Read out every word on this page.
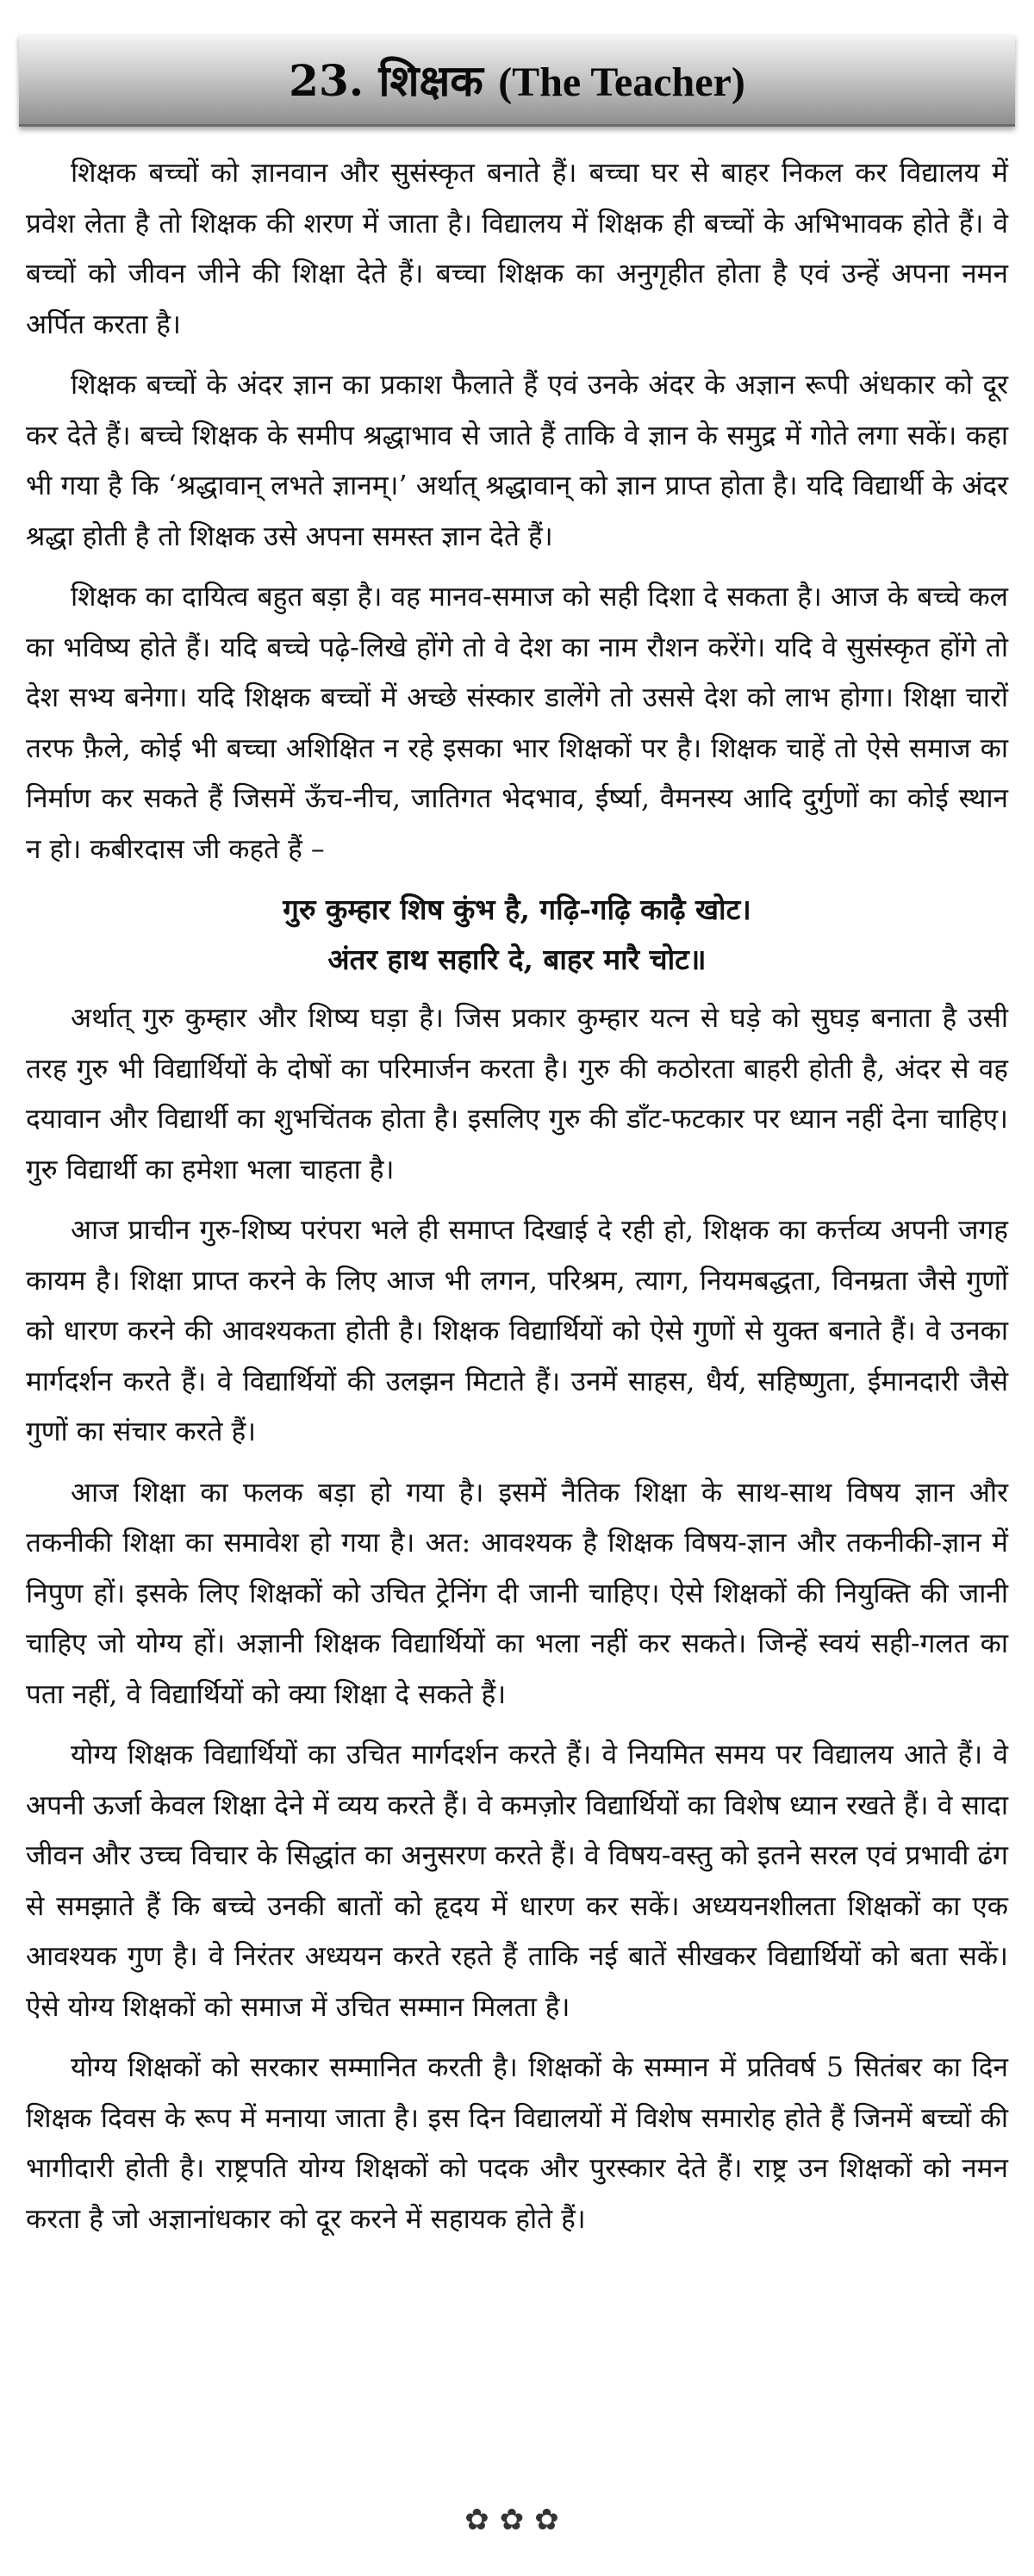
23. शिक्षक (The Teacher)

शिक्षक बच्चों को ज्ञानवान और सुसंस्कृत बनाते हैं। बच्चा घर से बाहर निकल कर विद्यालय में प्रवेश लेता है तो शिक्षक की शरण में जाता है। विद्यालय में शिक्षक ही बच्चों के अभिभावक होते हैं। वे बच्चों को जीवन जीने की शिक्षा देते हैं। बच्चा शिक्षक का अनुगृहीत होता है एवं उन्हें अपना नमन अर्पित करता है।

शिक्षक बच्चों के अंदर ज्ञान का प्रकाश फैलाते हैं एवं उनके अंदर के अज्ञान रूपी अंधकार को दूर कर देते हैं। बच्चे शिक्षक के समीप श्रद्धाभाव से जाते हैं ताकि वे ज्ञान के समुद्र में गोते लगा सकें। कहा भी गया है कि ‘श्रद्धावान् लभते ज्ञानम्।’ अर्थात् श्रद्धावान् को ज्ञान प्राप्त होता है। यदि विद्यार्थी के अंदर श्रद्धा होती है तो शिक्षक उसे अपना समस्त ज्ञान देते हैं।

शिक्षक का दायित्व बहुत बड़ा है। वह मानव-समाज को सही दिशा दे सकता है। आज के बच्चे कल का भविष्य होते हैं। यदि बच्चे पढ़े-लिखे होंगे तो वे देश का नाम रौशन करेंगे। यदि वे सुसंस्कृत होंगे तो देश सभ्य बनेगा। यदि शिक्षक बच्चों में अच्छे संस्कार डालेंगे तो उससे देश को लाभ होगा। शिक्षा चारों तरफ फ़ैले, कोई भी बच्चा अशिक्षित न रहे इसका भार शिक्षकों पर है। शिक्षक चाहें तो ऐसे समाज का निर्माण कर सकते हैं जिसमें ऊँच-नीच, जातिगत भेदभाव, ईर्ष्या, वैमनस्य आदि दुर्गुणों का कोई स्थान न हो। कबीरदास जी कहते हैं –

गुरु कुम्हार शिष कुंभ है, गढ़ि-गढ़ि काढ़ै खोट।
अंतर हाथ सहारि दे, बाहर मारै चोट॥

अर्थात् गुरु कुम्हार और शिष्य घड़ा है। जिस प्रकार कुम्हार यत्न से घड़े को सुघड़ बनाता है उसी तरह गुरु भी विद्यार्थियों के दोषों का परिमार्जन करता है। गुरु की कठोरता बाहरी होती है, अंदर से वह दयावान और विद्यार्थी का शुभचिंतक होता है। इसलिए गुरु की डाँट-फटकार पर ध्यान नहीं देना चाहिए। गुरु विद्यार्थी का हमेशा भला चाहता है।

आज प्राचीन गुरु-शिष्य परंपरा भले ही समाप्त दिखाई दे रही हो, शिक्षक का कर्त्तव्य अपनी जगह कायम है। शिक्षा प्राप्त करने के लिए आज भी लगन, परिश्रम, त्याग, नियमबद्धता, विनम्रता जैसे गुणों को धारण करने की आवश्यकता होती है। शिक्षक विद्यार्थियों को ऐसे गुणों से युक्त बनाते हैं। वे उनका मार्गदर्शन करते हैं। वे विद्यार्थियों की उलझन मिटाते हैं। उनमें साहस, धैर्य, सहिष्णुता, ईमानदारी जैसे गुणों का संचार करते हैं।

आज शिक्षा का फलक बड़ा हो गया है। इसमें नैतिक शिक्षा के साथ-साथ विषय ज्ञान और तकनीकी शिक्षा का समावेश हो गया है। अत: आवश्यक है शिक्षक विषय-ज्ञान और तकनीकी-ज्ञान में निपुण हों। इसके लिए शिक्षकों को उचित ट्रेनिंग दी जानी चाहिए। ऐसे शिक्षकों की नियुक्ति की जानी चाहिए जो योग्य हों। अज्ञानी शिक्षक विद्यार्थियों का भला नहीं कर सकते। जिन्हें स्वयं सही-गलत का पता नहीं, वे विद्यार्थियों को क्या शिक्षा दे सकते हैं।

योग्य शिक्षक विद्यार्थियों का उचित मार्गदर्शन करते हैं। वे नियमित समय पर विद्यालय आते हैं। वे अपनी ऊर्जा केवल शिक्षा देने में व्यय करते हैं। वे कमज़ोर विद्यार्थियों का विशेष ध्यान रखते हैं। वे सादा जीवन और उच्च विचार के सिद्धांत का अनुसरण करते हैं। वे विषय-वस्तु को इतने सरल एवं प्रभावी ढंग से समझाते हैं कि बच्चे उनकी बातों को हृदय में धारण कर सकें। अध्ययनशीलता शिक्षकों का एक आवश्यक गुण है। वे निरंतर अध्ययन करते रहते हैं ताकि नई बातें सीखकर विद्यार्थियों को बता सकें। ऐसे योग्य शिक्षकों को समाज में उचित सम्मान मिलता है।

योग्य शिक्षकों को सरकार सम्मानित करती है। शिक्षकों के सम्मान में प्रतिवर्ष 5 सितंबर का दिन शिक्षक दिवस के रूप में मनाया जाता है। इस दिन विद्यालयों में विशेष समारोह होते हैं जिनमें बच्चों की भागीदारी होती है। राष्ट्रपति योग्य शिक्षकों को पदक और पुरस्कार देते हैं। राष्ट्र उन शिक्षकों को नमन करता है जो अज्ञानांधकार को दूर करने में सहायक होते हैं।

✿✿✿
